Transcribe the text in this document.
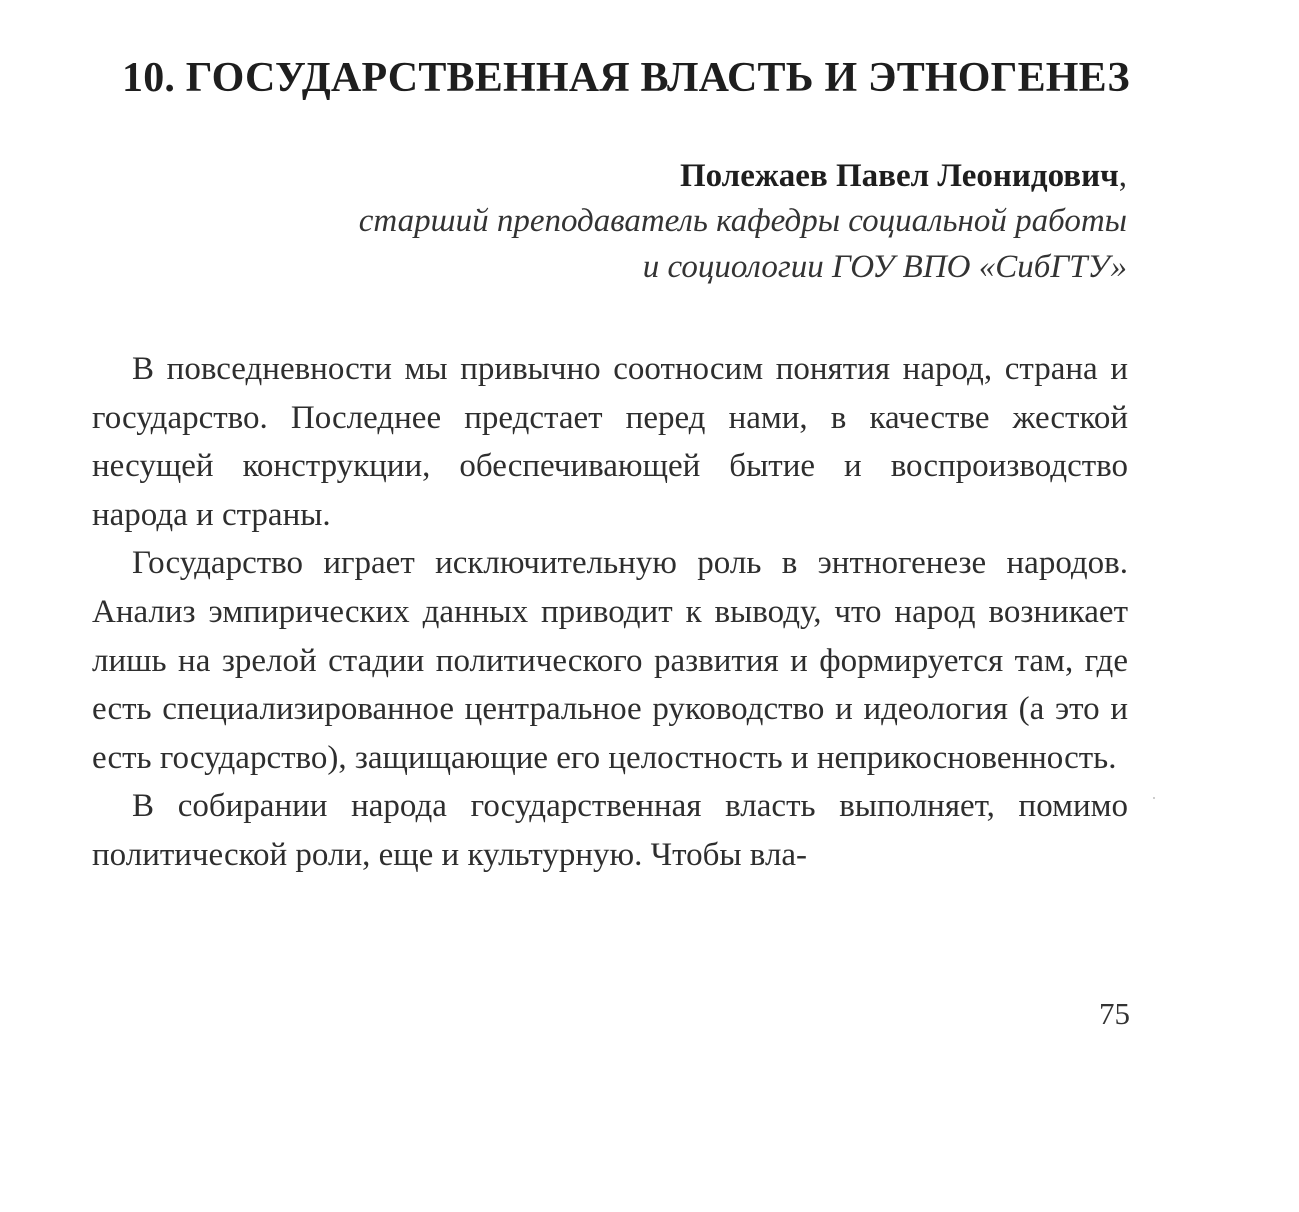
10. ГОСУДАРСТВЕННАЯ ВЛАСТЬ И ЭТНОГЕНЕЗ
Полежаев Павел Леонидович,
старший преподаватель кафедры социальной работы
и социологии ГОУ ВПО «СибГТУ»

В повседневности мы привычно соотносим понятия народ, страна и государство. Последнее предстает перед нами, в качестве жесткой несущей конструкции, обеспечивающей бытие и воспроизводство народа и страны.

Государство играет исключительную роль в энтногенезе народов. Анализ эмпирических данных приводит к выводу, что народ возникает лишь на зрелой стадии политического развития и формируется там, где есть специализированное центральное руководство и идеология (а это и есть государство), защищающие его целостность и неприкосновенность.

В собирании народа государственная власть выполняет, помимо политической роли, еще и культурную. Чтобы вла-

75
